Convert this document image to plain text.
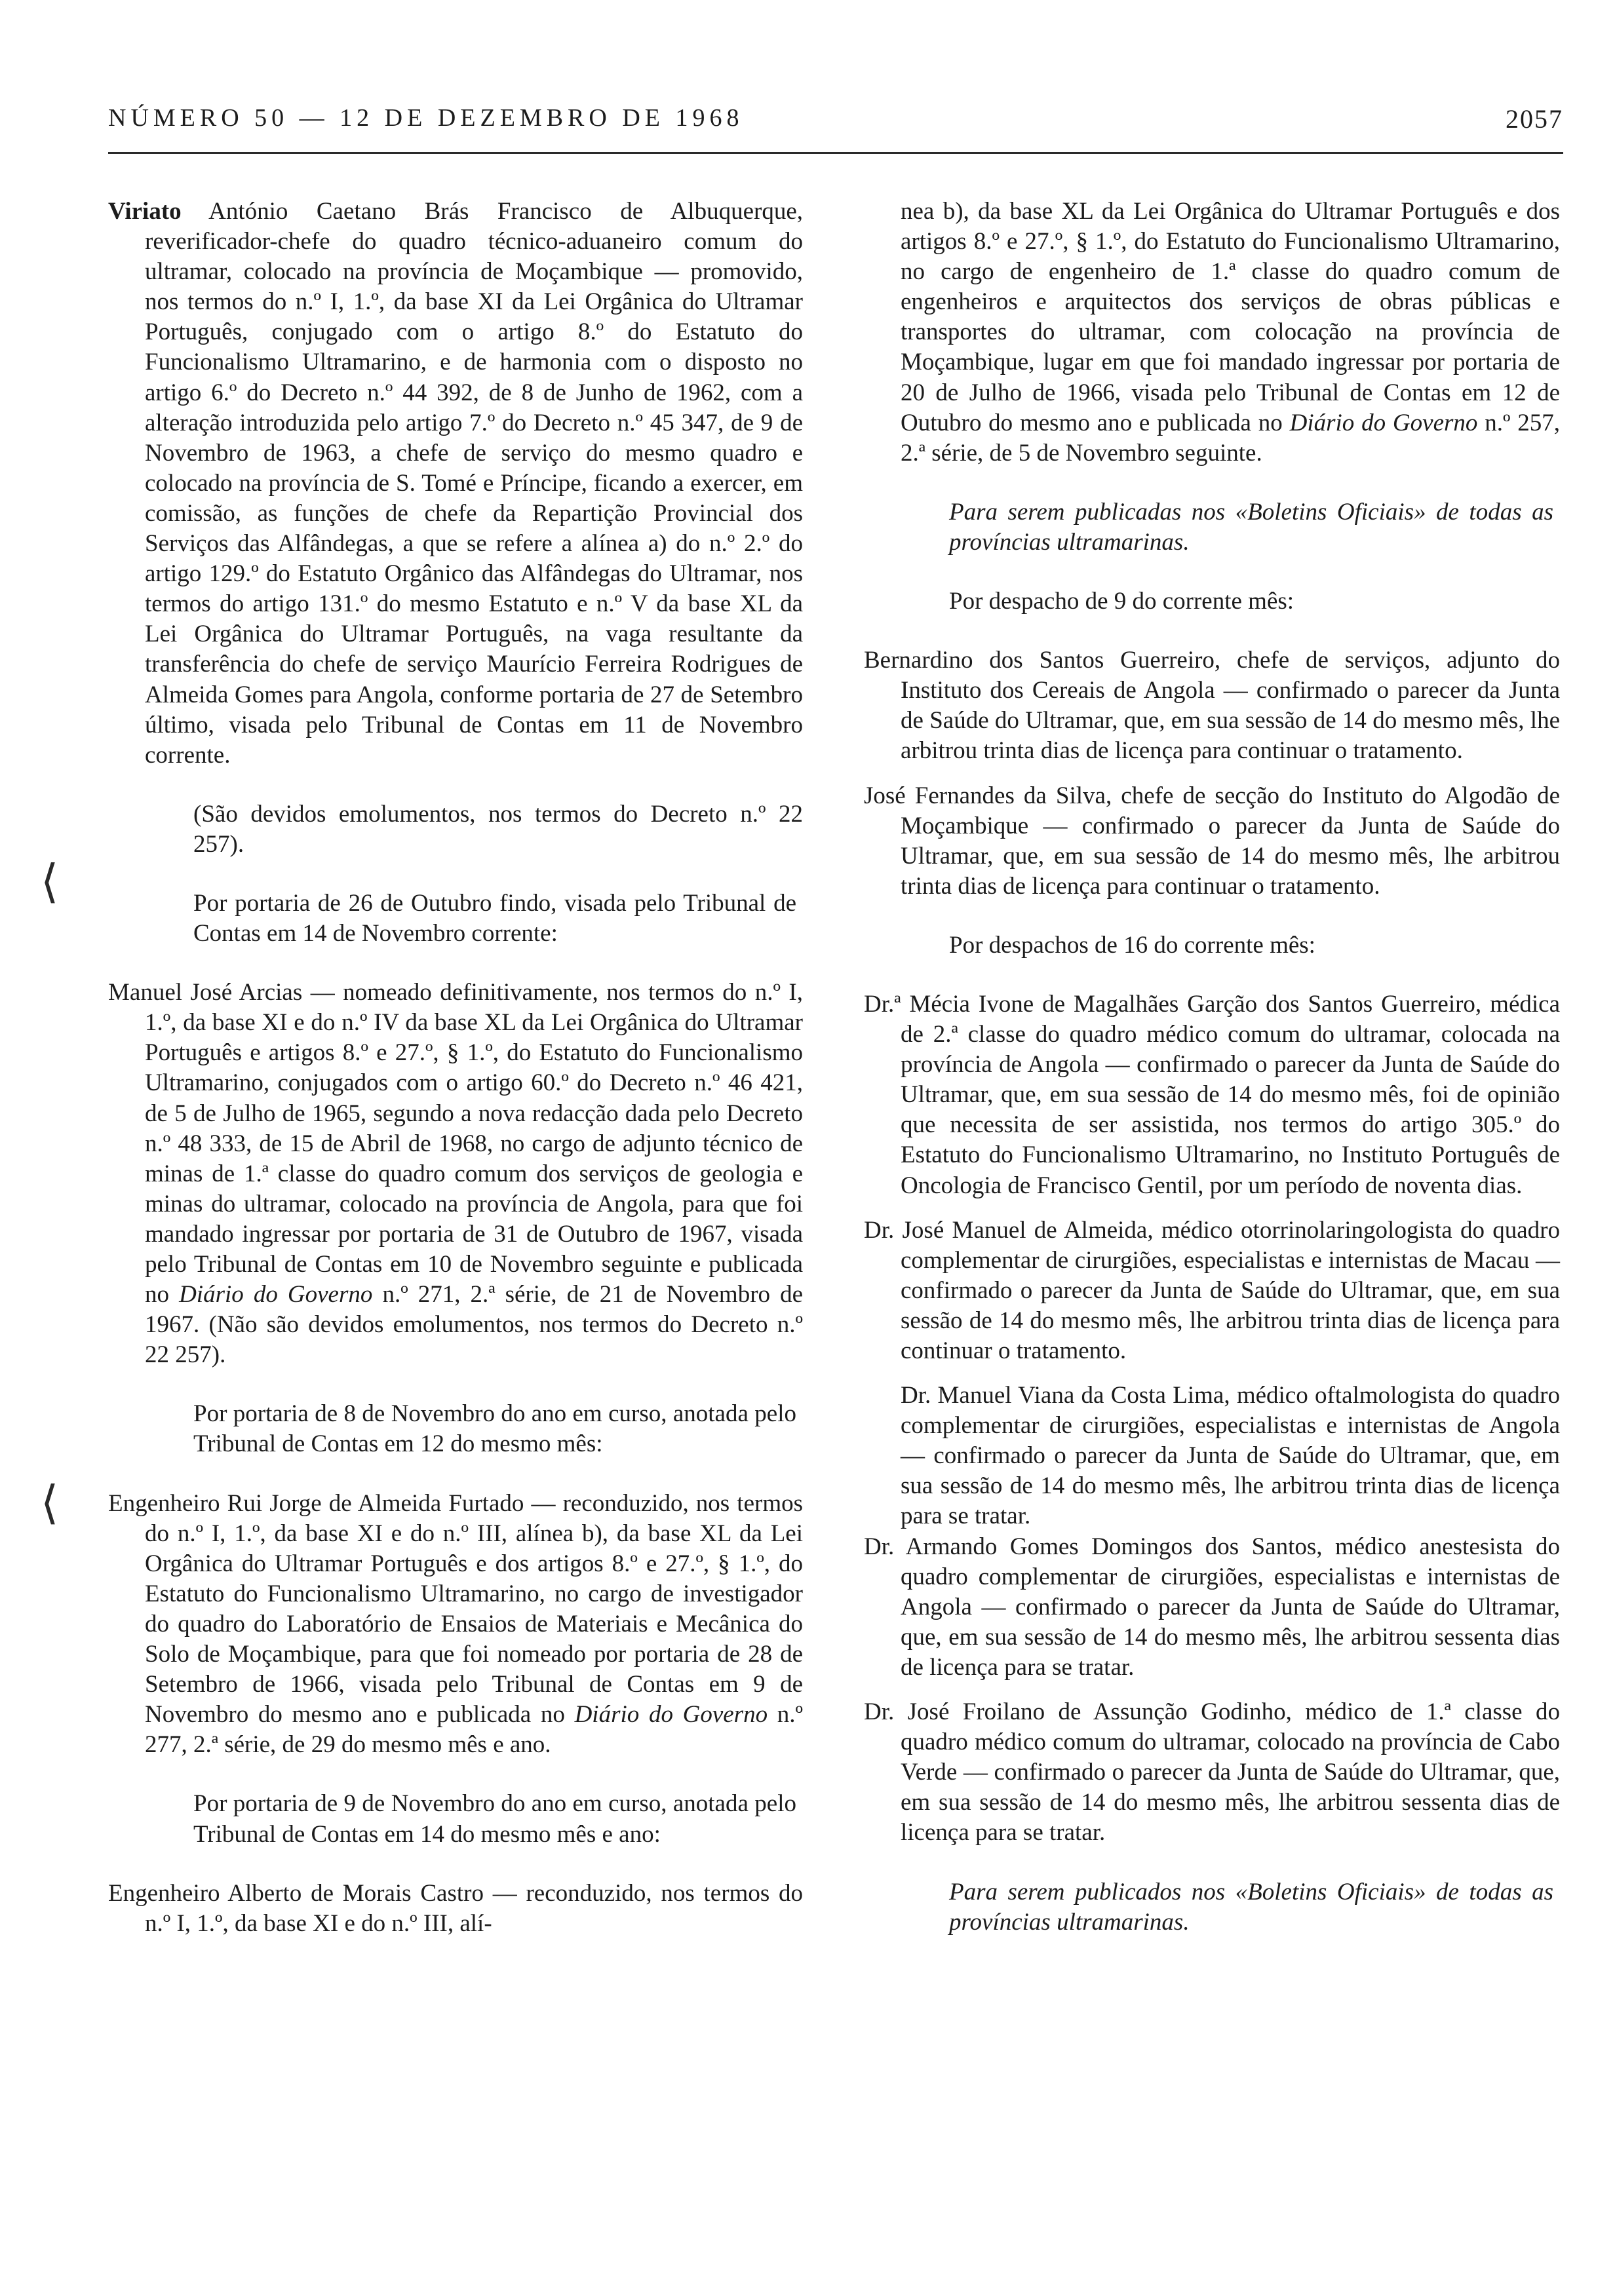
NÚMERO 50 — 12 DE DEZEMBRO DE 1968	2057
⟨
⟨

Viriato António Caetano Brás Francisco de Albuquerque, reverificador-chefe do quadro técnico-aduaneiro comum do ultramar, colocado na província de Moçambique — promovido, nos termos do n.º I, 1.º, da base XI da Lei Orgânica do Ultramar Português, conjugado com o artigo 8.º do Estatuto do Funcionalismo Ultramarino, e de harmonia com o disposto no artigo 6.º do Decreto n.º 44 392, de 8 de Junho de 1962, com a alteração introduzida pelo artigo 7.º do Decreto n.º 45 347, de 9 de Novembro de 1963, a chefe de serviço do mesmo quadro e colocado na província de S. Tomé e Príncipe, ficando a exercer, em comissão, as funções de chefe da Repartição Provincial dos Serviços das Alfândegas, a que se refere a alínea a) do n.º 2.º do artigo 129.º do Estatuto Orgânico das Alfândegas do Ultramar, nos termos do artigo 131.º do mesmo Estatuto e n.º V da base XL da Lei Orgânica do Ultramar Português, na vaga resultante da transferência do chefe de serviço Maurício Ferreira Rodrigues de Almeida Gomes para Angola, conforme portaria de 27 de Setembro último, visada pelo Tribunal de Contas em 11 de Novembro corrente.

(São devidos emolumentos, nos termos do Decreto n.º 22 257).

Por portaria de 26 de Outubro findo, visada pelo Tribunal de Contas em 14 de Novembro corrente:

Manuel José Arcias — nomeado definitivamente, nos termos do n.º I, 1.º, da base XI e do n.º IV da base XL da Lei Orgânica do Ultramar Português e artigos 8.º e 27.º, § 1.º, do Estatuto do Funcionalismo Ultramarino, conjugados com o artigo 60.º do Decreto n.º 46 421, de 5 de Julho de 1965, segundo a nova redacção dada pelo Decreto n.º 48 333, de 15 de Abril de 1968, no cargo de adjunto técnico de minas de 1.ª classe do quadro comum dos serviços de geologia e minas do ultramar, colocado na província de Angola, para que foi mandado ingressar por portaria de 31 de Outubro de 1967, visada pelo Tribunal de Contas em 10 de Novembro seguinte e publicada no Diário do Governo n.º 271, 2.ª série, de 21 de Novembro de 1967. (Não são devidos emolumentos, nos termos do Decreto n.º 22 257).

Por portaria de 8 de Novembro do ano em curso, anotada pelo Tribunal de Contas em 12 do mesmo mês:

Engenheiro Rui Jorge de Almeida Furtado — reconduzido, nos termos do n.º I, 1.º, da base XI e do n.º III, alínea b), da base XL da Lei Orgânica do Ultramar Português e dos artigos 8.º e 27.º, § 1.º, do Estatuto do Funcionalismo Ultramarino, no cargo de investigador do quadro do Laboratório de Ensaios de Materiais e Mecânica do Solo de Moçambique, para que foi nomeado por portaria de 28 de Setembro de 1966, visada pelo Tribunal de Contas em 9 de Novembro do mesmo ano e publicada no Diário do Governo n.º 277, 2.ª série, de 29 do mesmo mês e ano.

Por portaria de 9 de Novembro do ano em curso, anotada pelo Tribunal de Contas em 14 do mesmo mês e ano:

Engenheiro Alberto de Morais Castro — reconduzido, nos termos do n.º I, 1.º, da base XI e do n.º III, alí-

nea b), da base XL da Lei Orgânica do Ultramar Português e dos artigos 8.º e 27.º, § 1.º, do Estatuto do Funcionalismo Ultramarino, no cargo de engenheiro de 1.ª classe do quadro comum de engenheiros e arquitectos dos serviços de obras públicas e transportes do ultramar, com colocação na província de Moçambique, lugar em que foi mandado ingressar por portaria de 20 de Julho de 1966, visada pelo Tribunal de Contas em 12 de Outubro do mesmo ano e publicada no Diário do Governo n.º 257, 2.ª série, de 5 de Novembro seguinte.

Para serem publicadas nos «Boletins Oficiais» de todas as províncias ultramarinas.

Por despacho de 9 do corrente mês:

Bernardino dos Santos Guerreiro, chefe de serviços, adjunto do Instituto dos Cereais de Angola — confirmado o parecer da Junta de Saúde do Ultramar, que, em sua sessão de 14 do mesmo mês, lhe arbitrou trinta dias de licença para continuar o tratamento.

José Fernandes da Silva, chefe de secção do Instituto do Algodão de Moçambique — confirmado o parecer da Junta de Saúde do Ultramar, que, em sua sessão de 14 do mesmo mês, lhe arbitrou trinta dias de licença para continuar o tratamento.

Por despachos de 16 do corrente mês:

Dr.ª Mécia Ivone de Magalhães Garção dos Santos Guerreiro, médica de 2.ª classe do quadro médico comum do ultramar, colocada na província de Angola — confirmado o parecer da Junta de Saúde do Ultramar, que, em sua sessão de 14 do mesmo mês, foi de opinião que necessita de ser assistida, nos termos do artigo 305.º do Estatuto do Funcionalismo Ultramarino, no Instituto Português de Oncologia de Francisco Gentil, por um período de noventa dias.

Dr. José Manuel de Almeida, médico otorrinolaringologista do quadro complementar de cirurgiões, especialistas e internistas de Macau — confirmado o parecer da Junta de Saúde do Ultramar, que, em sua sessão de 14 do mesmo mês, lhe arbitrou trinta dias de licença para continuar o tratamento.

Dr. Manuel Viana da Costa Lima, médico oftalmologista do quadro complementar de cirurgiões, especialistas e internistas de Angola — confirmado o parecer da Junta de Saúde do Ultramar, que, em sua sessão de 14 do mesmo mês, lhe arbitrou trinta dias de licença para se tratar.

Dr. Armando Gomes Domingos dos Santos, médico anestesista do quadro complementar de cirurgiões, especialistas e internistas de Angola — confirmado o parecer da Junta de Saúde do Ultramar, que, em sua sessão de 14 do mesmo mês, lhe arbitrou sessenta dias de licença para se tratar.

Dr. José Froilano de Assunção Godinho, médico de 1.ª classe do quadro médico comum do ultramar, colocado na província de Cabo Verde — confirmado o parecer da Junta de Saúde do Ultramar, que, em sua sessão de 14 do mesmo mês, lhe arbitrou sessenta dias de licença para se tratar.

Para serem publicados nos «Boletins Oficiais» de todas as províncias ultramarinas.
